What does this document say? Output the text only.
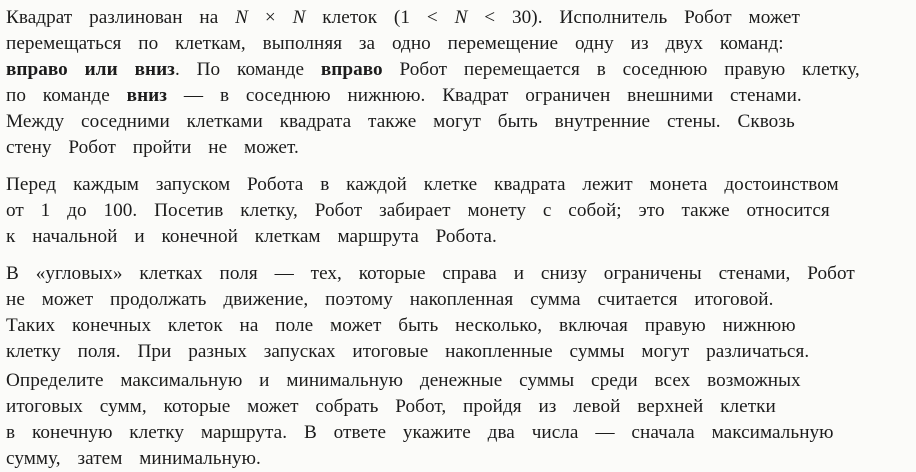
Квадрат разлинован на N × N клеток (1 < N < 30). Исполнитель Робот может
перемещаться по клеткам, выполняя за одно перемещение одну из двух команд:
вправо или вниз. По команде вправо Робот перемещается в соседнюю правую клетку,
по команде вниз — в соседнюю нижнюю. Квадрат ограничен внешними стенами.
Между соседними клетками квадрата также могут быть внутренние стены. Сквозь
стену Робот пройти не может.
Перед каждым запуском Робота в каждой клетке квадрата лежит монета достоинством
от 1 до 100. Посетив клетку, Робот забирает монету с собой; это также относится
к начальной и конечной клеткам маршрута Робота.
В «угловых» клетках поля — тех, которые справа и снизу ограничены стенами, Робот
не может продолжать движение, поэтому накопленная сумма считается итоговой.
Таких конечных клеток на поле может быть несколько, включая правую нижнюю
клетку поля. При разных запусках итоговые накопленные суммы могут различаться.
Определите максимальную и минимальную денежные суммы среди всех возможных
итоговых сумм, которые может собрать Робот, пройдя из левой верхней клетки
в конечную клетку маршрута. В ответе укажите два числа — сначала максимальную
сумму, затем минимальную.
